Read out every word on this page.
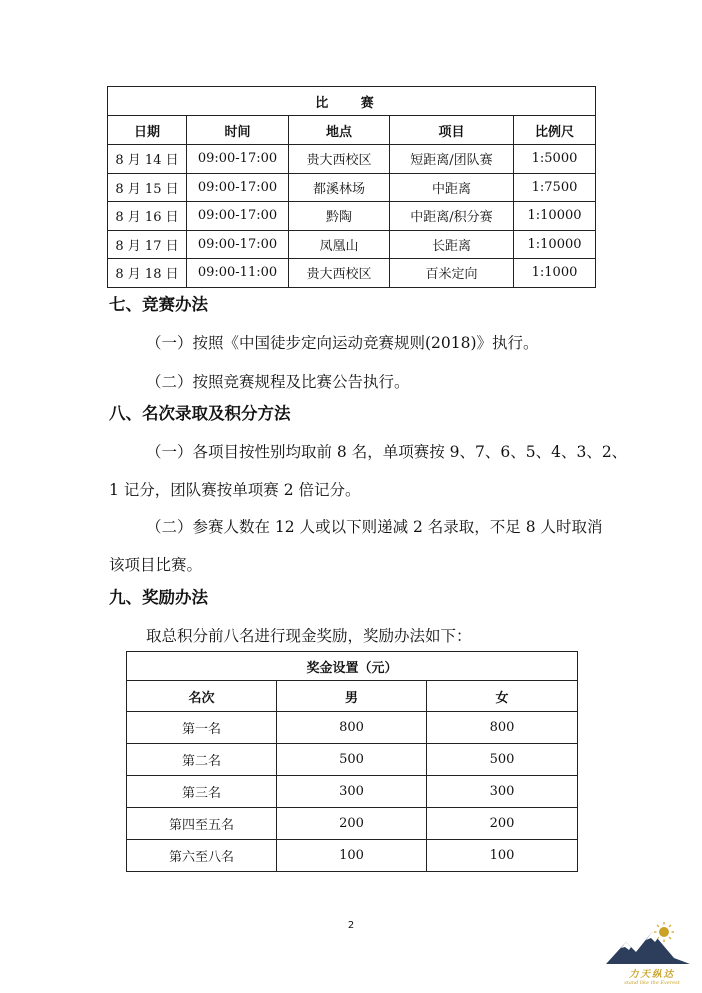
比 赛				
日期	时间	地点	项目	比例尺
8 月 14 日	09:00-17:00	贵大西校区	短距离/团队赛	1:5000
8 月 15 日	09:00-17:00	都溪林场	中距离	1:7500
8 月 16 日	09:00-17:00	黔陶	中距离/积分赛	1:10000
8 月 17 日	09:00-17:00	凤凰山	长距离	1:10000
8 月 18 日	09:00-11:00	贵大西校区	百米定向	1:1000
七、竞赛办法
（一）按照《中国徒步定向运动竞赛规则(2018)》执行。
（二）按照竞赛规程及比赛公告执行。
八、名次录取及积分方法
（一）各项目按性别均取前 8 名，单项赛按 9、7、6、5、4、3、2、
1 记分，团队赛按单项赛 2 倍记分。
（二）参赛人数在 12 人或以下则递减 2 名录取，不足 8 人时取消
该项目比赛。
九、奖励办法
取总积分前八名进行现金奖励，奖励办法如下：
奖金设置（元）		
名次	男	女
第一名	800	800
第二名	500	500
第三名	300	300
第四至五名	200	200
第六至八名	100	100
2
力天纵达
stand like the Everest
